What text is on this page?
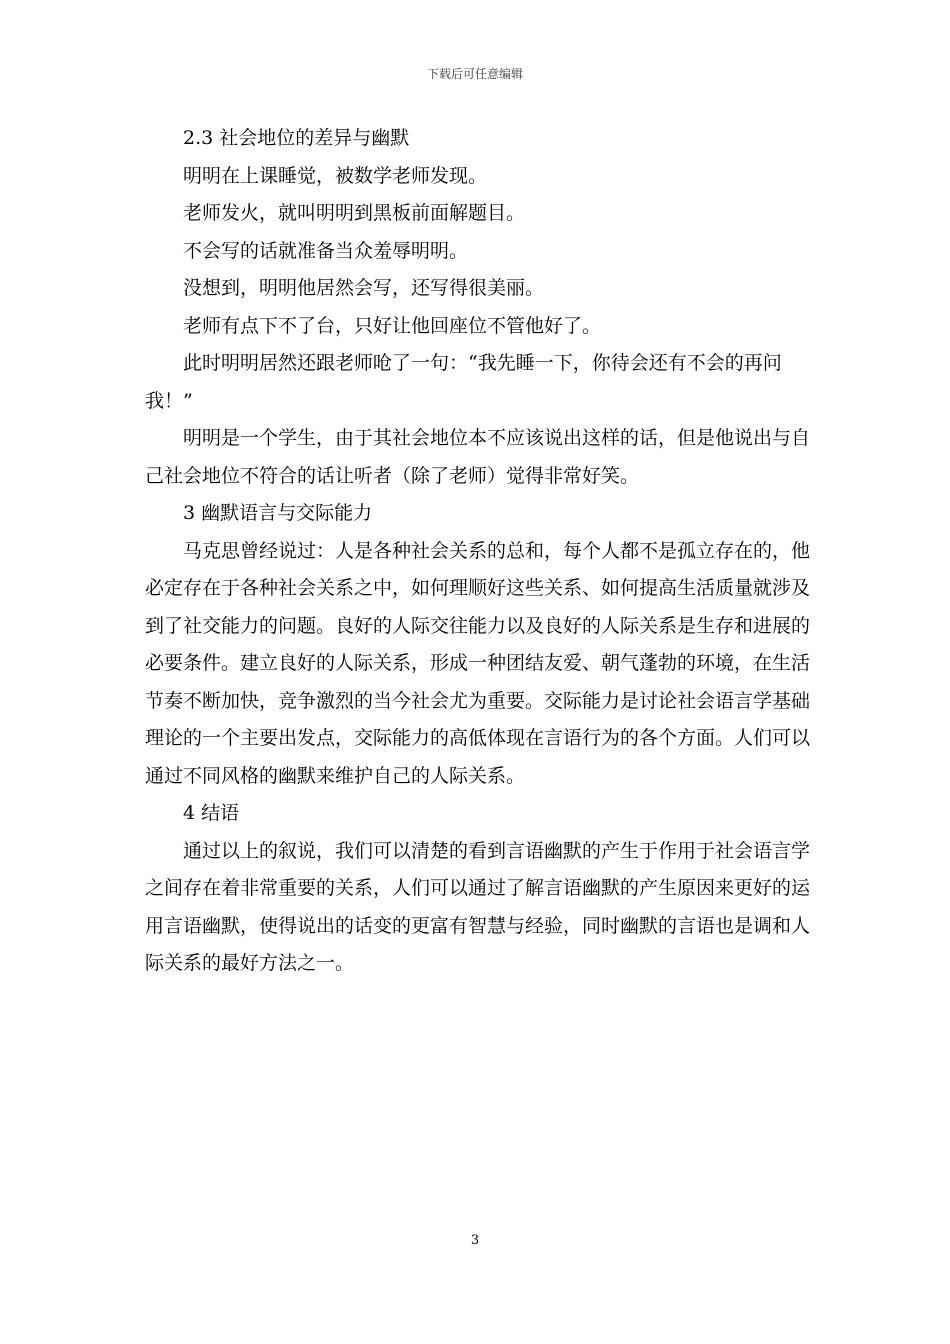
下载后可任意编辑

2.3 社会地位的差异与幽默

明明在上课睡觉，被数学老师发现。

老师发火，就叫明明到黑板前面解题目。

不会写的话就准备当众羞辱明明。

没想到，明明他居然会写，还写得很美丽。

老师有点下不了台，只好让他回座位不管他好了。

此时明明居然还跟老师呛了一句：“我先睡一下，你待会还有不会的再问我！”

明明是一个学生，由于其社会地位本不应该说出这样的话，但是他说出与自己社会地位不符合的话让听者（除了老师）觉得非常好笑。

3 幽默语言与交际能力

马克思曾经说过：人是各种社会关系的总和，每个人都不是孤立存在的，他必定存在于各种社会关系之中，如何理顺好这些关系、如何提高生活质量就涉及到了社交能力的问题。良好的人际交往能力以及良好的人际关系是生存和进展的必要条件。建立良好的人际关系，形成一种团结友爱、朝气蓬勃的环境，在生活节奏不断加快，竞争激烈的当今社会尤为重要。交际能力是讨论社会语言学基础理论的一个主要出发点，交际能力的高低体现在言语行为的各个方面。人们可以通过不同风格的幽默来维护自己的人际关系。

4 结语

通过以上的叙说，我们可以清楚的看到言语幽默的产生于作用于社会语言学之间存在着非常重要的关系，人们可以通过了解言语幽默的产生原因来更好的运用言语幽默，使得说出的话变的更富有智慧与经验，同时幽默的言语也是调和人际关系的最好方法之一。

3
